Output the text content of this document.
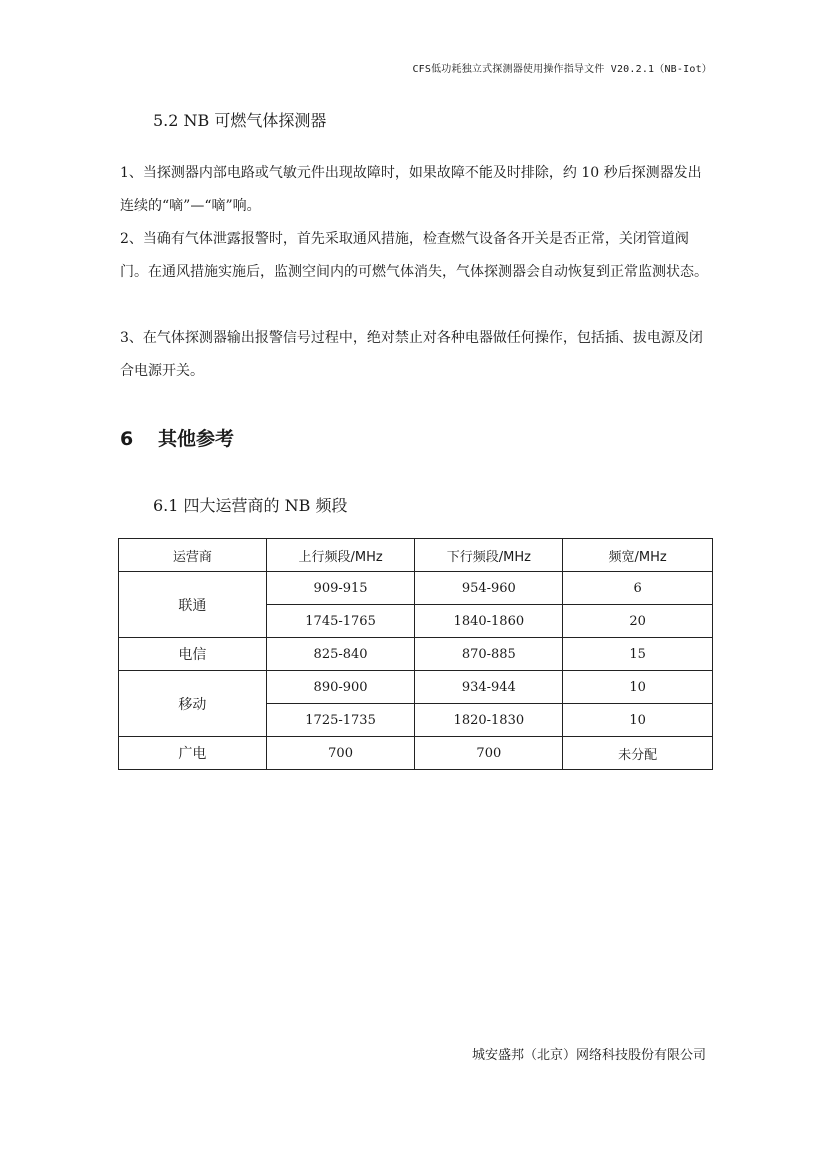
CFS低功耗独立式探测器使用操作指导文件 V20.2.1（NB-Iot）
5.2 NB 可燃气体探测器

1、当探测器内部电路或气敏元件出现故障时，如果故障不能及时排除，约 10 秒后探测器发出连续的“嘀”—“嘀”响。

2、当确有气体泄露报警时，首先采取通风措施，检查燃气设备各开关是否正常，关闭管道阀门。在通风措施实施后，监测空间内的可燃气体消失，气体探测器会自动恢复到正常监测状态。

3、在气体探测器输出报警信号过程中，绝对禁止对各种电器做任何操作，包括插、拔电源及闭合电源开关。

6 其他参考
6.1 四大运营商的 NB 频段
运营商	上行频段/MHz	下行频段/MHz	频宽/MHz
联通	909-915	954-960	6
	1745-1765	1840-1860	20
电信	825-840	870-885	15
移动	890-900	934-944	10
	1725-1735	1820-1830	10
广电	700	700	未分配
城安盛邦（北京）网络科技股份有限公司
